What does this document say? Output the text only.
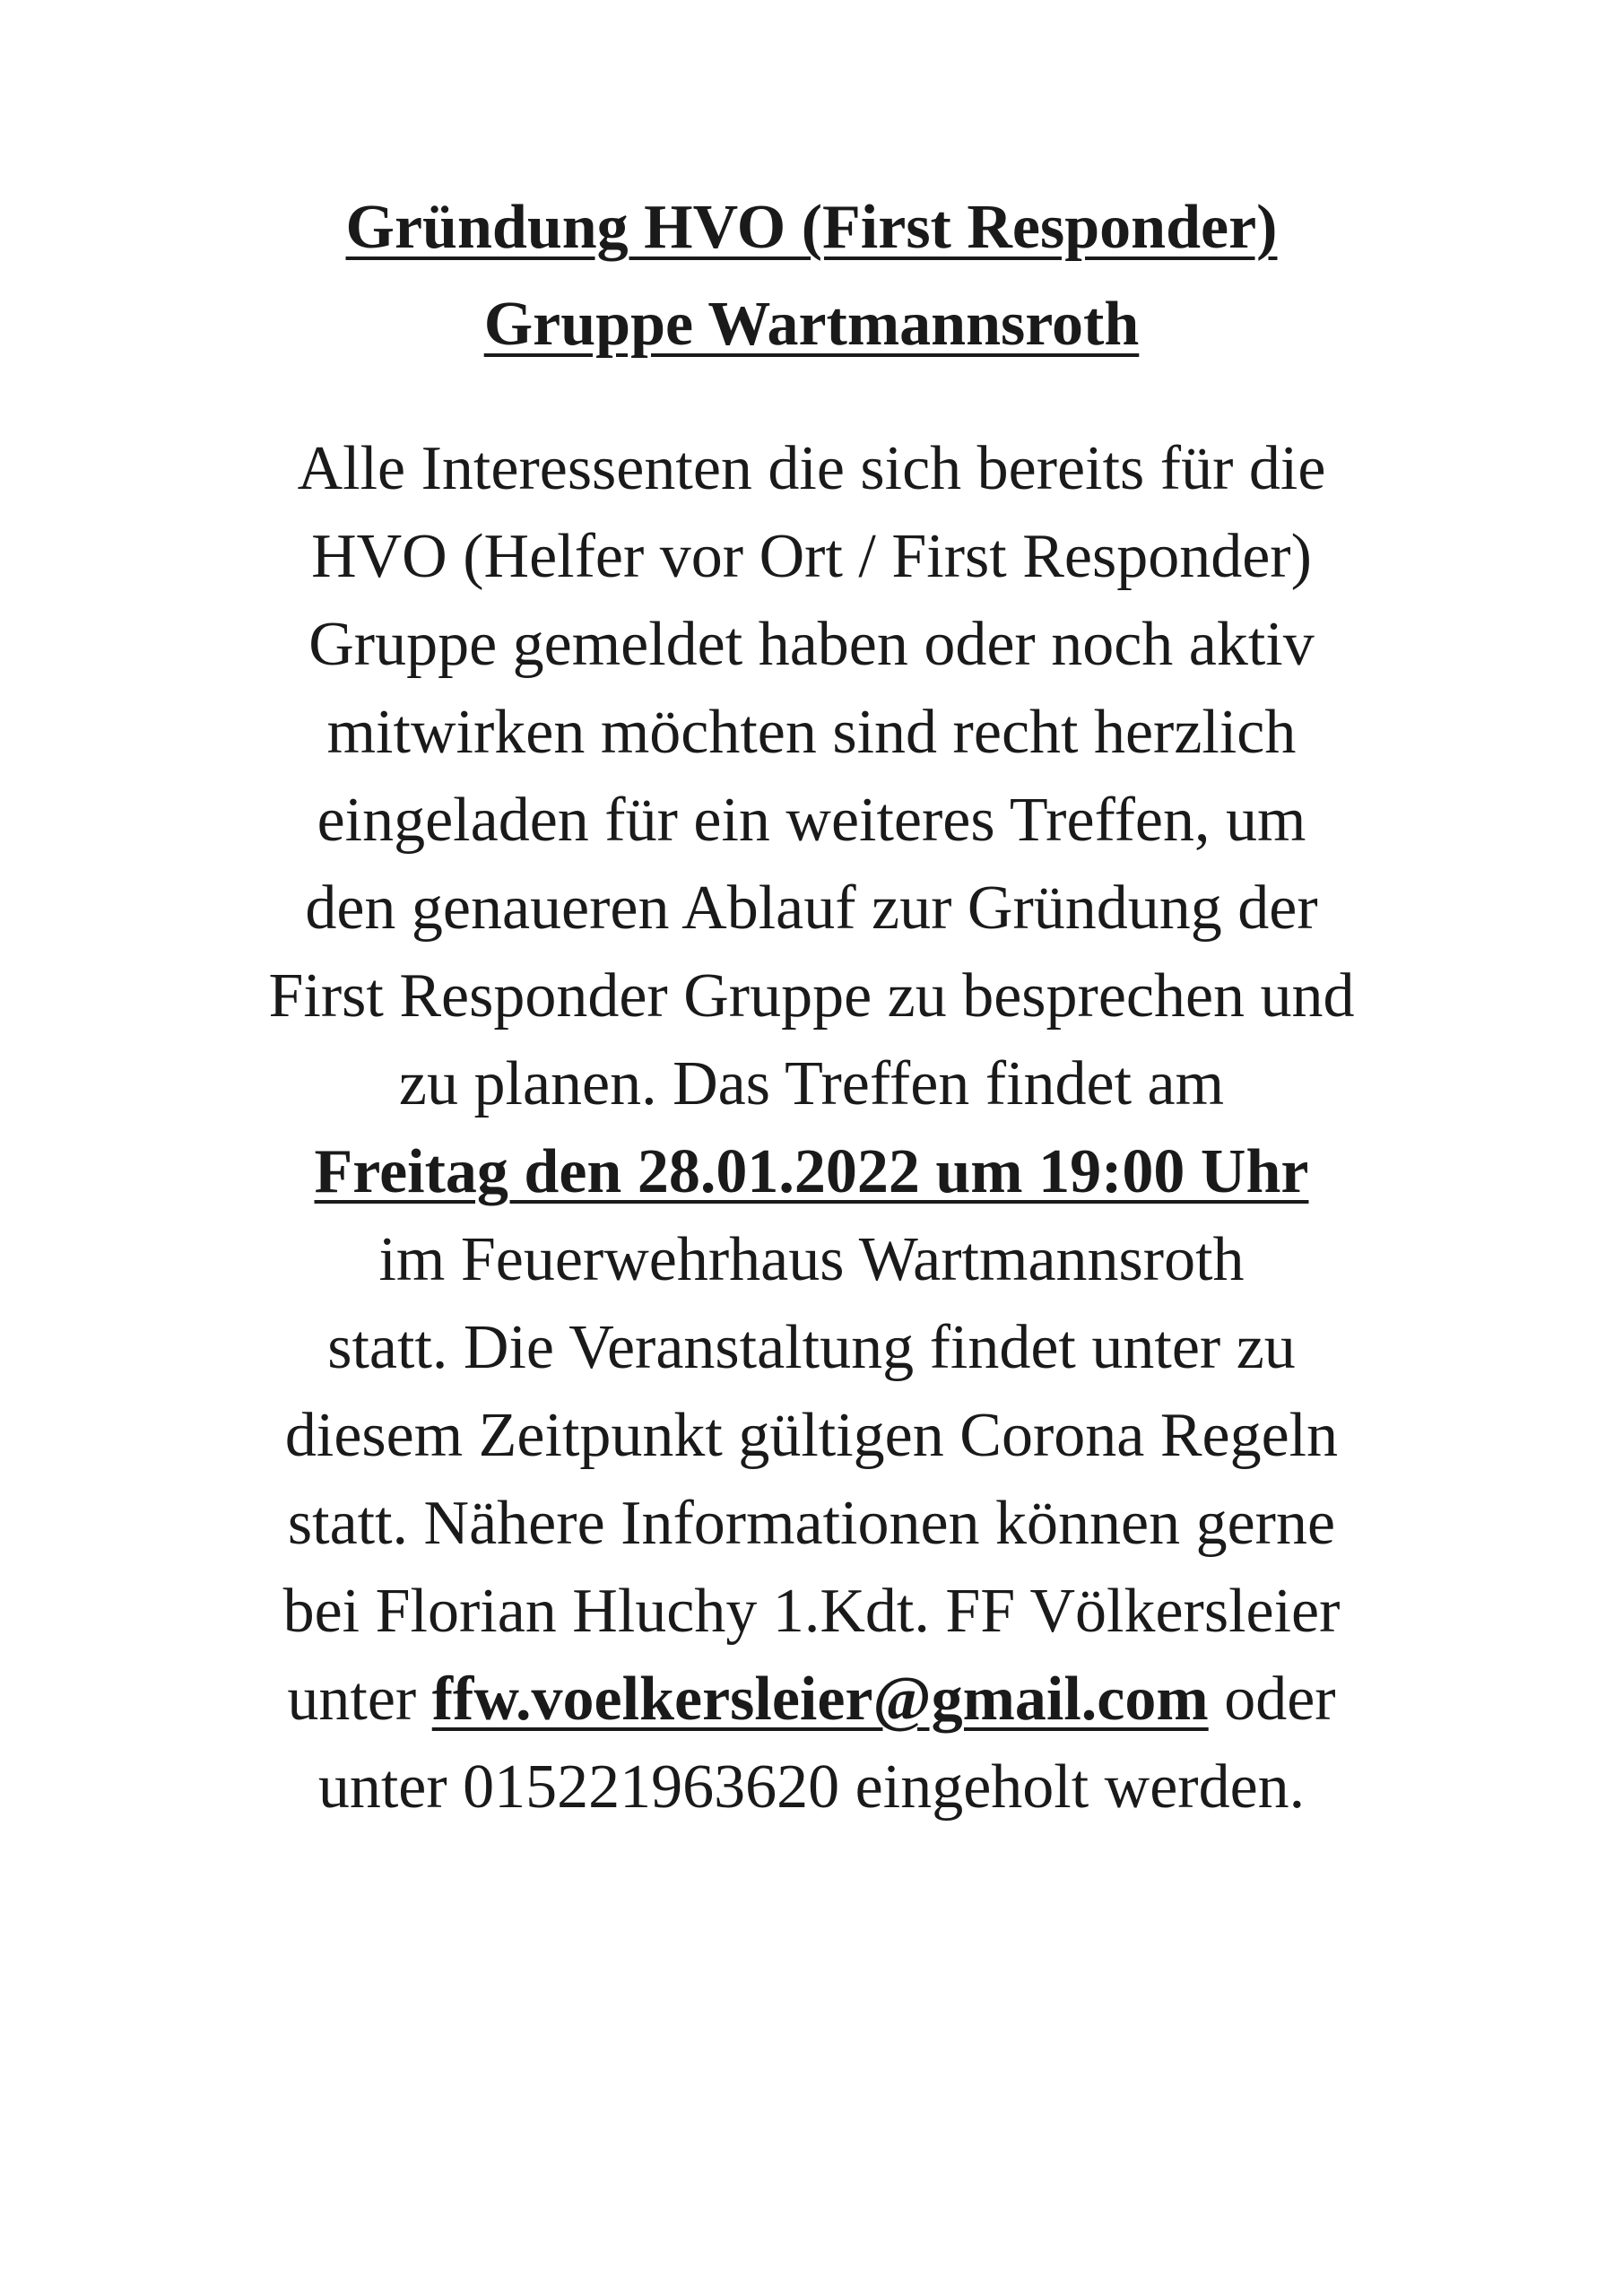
Gründung HVO (First Responder)
Gruppe Wartmannsroth
Alle Interessenten die sich bereits für die
HVO (Helfer vor Ort / First Responder)
Gruppe gemeldet haben oder noch aktiv
mitwirken möchten sind recht herzlich
eingeladen für ein weiteres Treffen, um
den genaueren Ablauf zur Gründung der
First Responder Gruppe zu besprechen und
zu planen. Das Treffen findet am
Freitag den 28.01.2022 um 19:00 Uhr
im Feuerwehrhaus Wartmannsroth
statt. Die Veranstaltung findet unter zu
diesem Zeitpunkt gültigen Corona Regeln
statt. Nähere Informationen können gerne
bei Florian Hluchy 1.Kdt. FF Völkersleier
unter ffw.voelkersleier@gmail.com oder
unter 015221963620 eingeholt werden.
